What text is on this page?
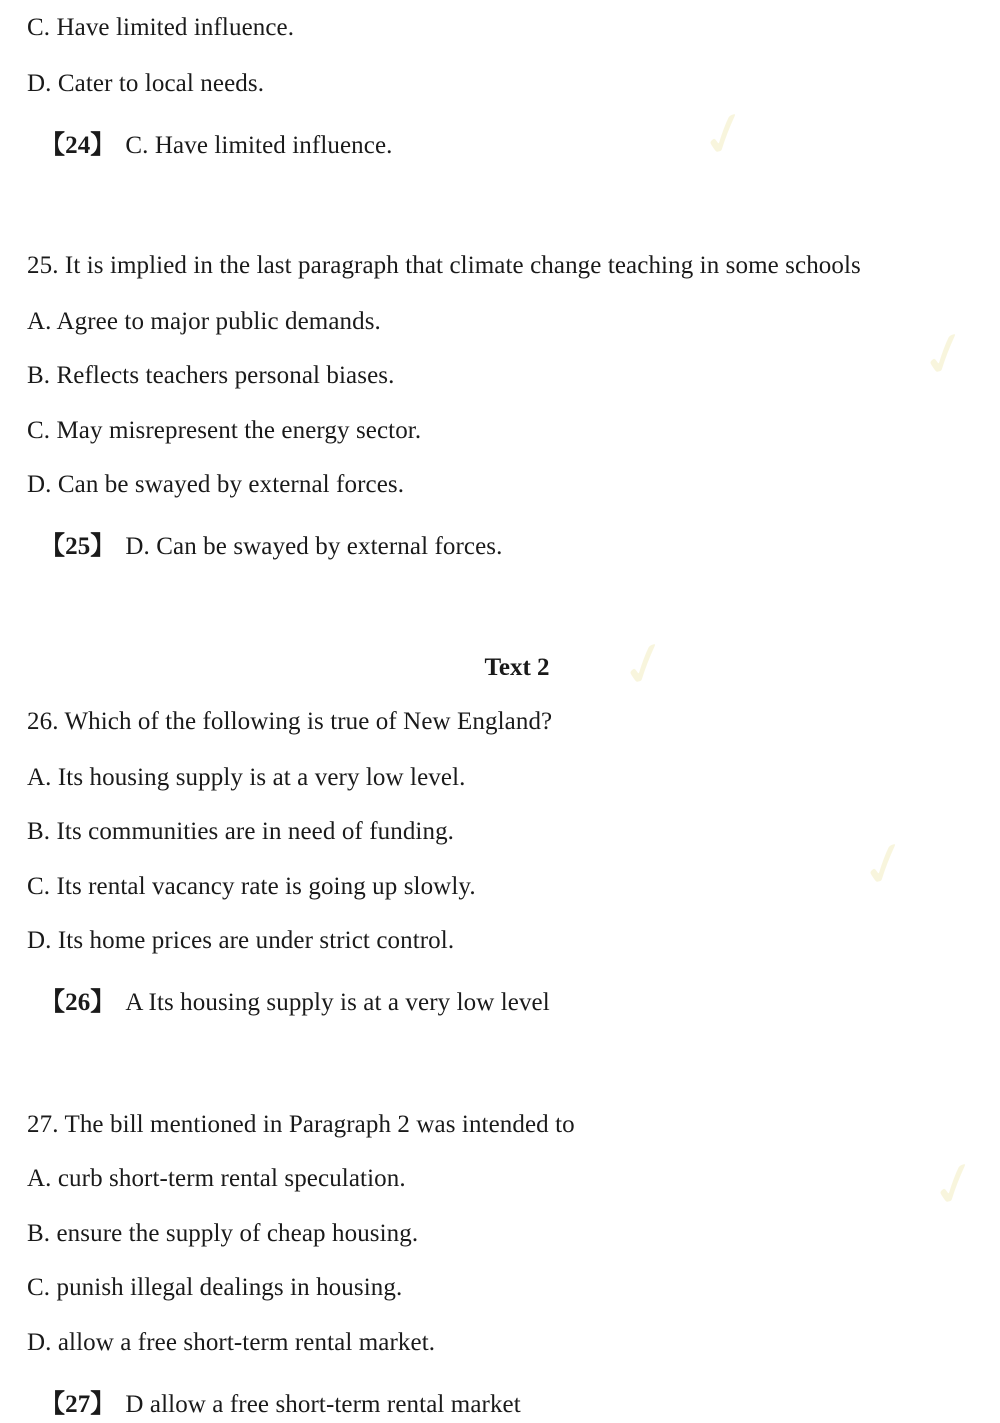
✓
✓
✓
✓
✓
C. Have limited influence.
D. Cater to local needs.
【24】 C. Have limited influence.
25. It is implied in the last paragraph that climate change teaching in some schools
A. Agree to major public demands.
B. Reflects teachers personal biases.
C. May misrepresent the energy sector.
D. Can be swayed by external forces.
【25】 D. Can be swayed by external forces.
Text 2
26. Which of the following is true of New England?
A. Its housing supply is at a very low level.
B. Its communities are in need of funding.
C. Its rental vacancy rate is going up slowly.
D. Its home prices are under strict control.
【26】 A Its housing supply is at a very low level
27. The bill mentioned in Paragraph 2 was intended to
A. curb short-term rental speculation.
B. ensure the supply of cheap housing.
C. punish illegal dealings in housing.
D. allow a free short-term rental market.
【27】 D allow a free short-term rental market
